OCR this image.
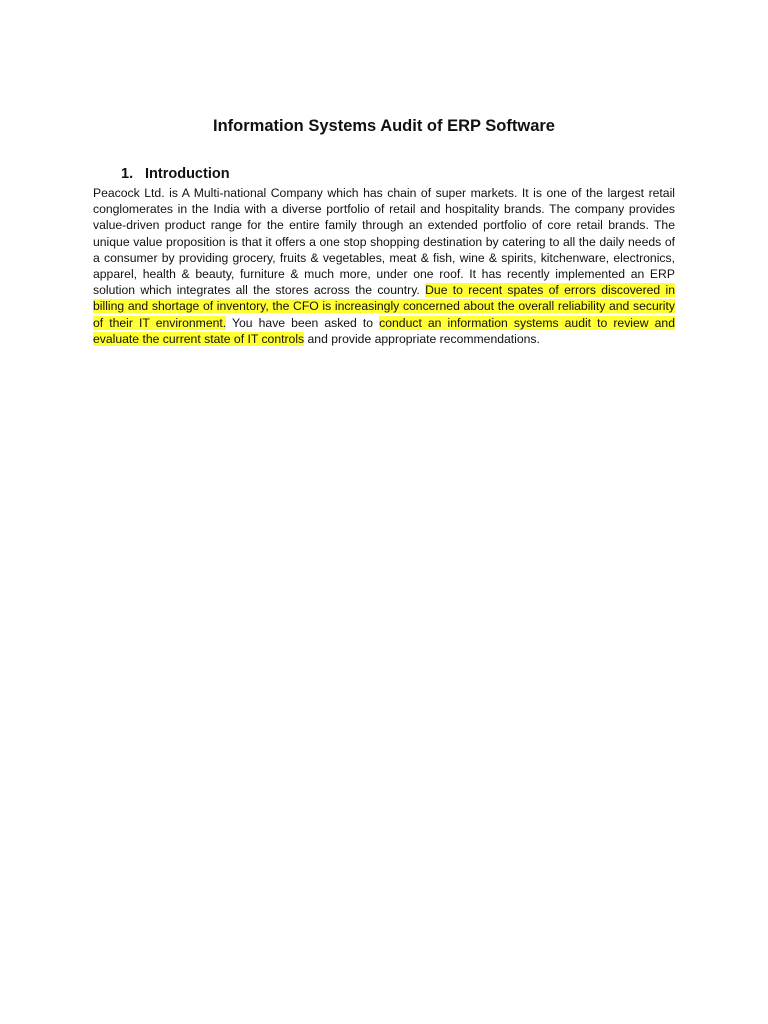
Information Systems Audit of ERP Software
1. Introduction

Peacock Ltd. is A Multi-national Company which has chain of super markets. It is one of the largest retail conglomerates in the India with a diverse portfolio of retail and hospitality brands. The company provides value-driven product range for the entire family through an extended portfolio of core retail brands. The unique value proposition is that it offers a one stop shopping destination by catering to all the daily needs of a consumer by providing grocery, fruits & vegetables, meat & fish, wine & spirits, kitchenware, electronics, apparel, health & beauty, furniture & much more, under one roof. It has recently implemented an ERP solution which integrates all the stores across the country. Due to recent spates of errors discovered in billing and shortage of inventory, the CFO is increasingly concerned about the overall reliability and security of their IT environment. You have been asked to conduct an information systems audit to review and evaluate the current state of IT controls and provide appropriate recommendations.
